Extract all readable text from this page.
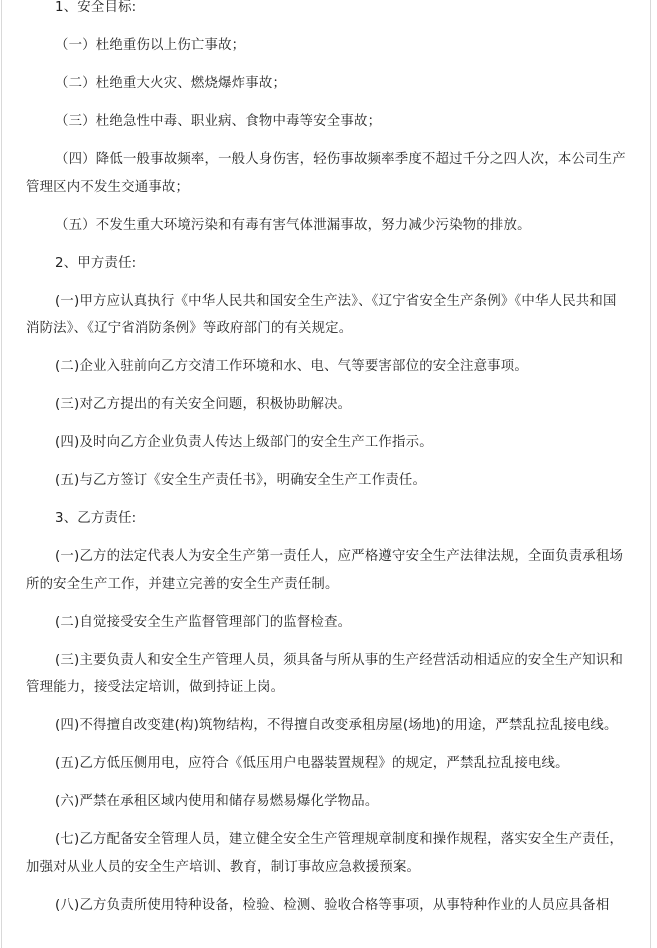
1、安全目标:

（一）杜绝重伤以上伤亡事故；

（二）杜绝重大火灾、燃烧爆炸事故；

（三）杜绝急性中毒、职业病、食物中毒等安全事故；

（四）降低一般事故频率，一般人身伤害，轻伤事故频率季度不超过千分之四人次，本公司生产管理区内不发生交通事故；

（五）不发生重大环境污染和有毒有害气体泄漏事故，努力减少污染物的排放。

2、甲方责任:

(一)甲方应认真执行《中华人民共和国安全生产法》、《辽宁省安全生产条例》《中华人民共和国消防法》、《辽宁省消防条例》等政府部门的有关规定。

(二)企业入驻前向乙方交清工作环境和水、电、气等要害部位的安全注意事项。

(三)对乙方提出的有关安全问题，积极协助解决。

(四)及时向乙方企业负责人传达上级部门的安全生产工作指示。

(五)与乙方签订《安全生产责任书》，明确安全生产工作责任。

3、乙方责任:

(一)乙方的法定代表人为安全生产第一责任人，应严格遵守安全生产法律法规，全面负责承租场所的安全生产工作，并建立完善的安全生产责任制。

(二)自觉接受安全生产监督管理部门的监督检查。

(三)主要负责人和安全生产管理人员，须具备与所从事的生产经营活动相适应的安全生产知识和管理能力，接受法定培训，做到持证上岗。

(四)不得擅自改变建(构)筑物结构，不得擅自改变承租房屋(场地)的用途，严禁乱拉乱接电线。

(五)乙方低压侧用电，应符合《低压用户电器装置规程》的规定，严禁乱拉乱接电线。

(六)严禁在承租区域内使用和储存易燃易爆化学物品。

(七)乙方配备安全管理人员，建立健全安全生产管理规章制度和操作规程，落实安全生产责任，加强对从业人员的安全生产培训、教育，制订事故应急救援预案。

(八)乙方负责所使用特种设备，检验、检测、验收合格等事项，从事特种作业的人员应具备相
